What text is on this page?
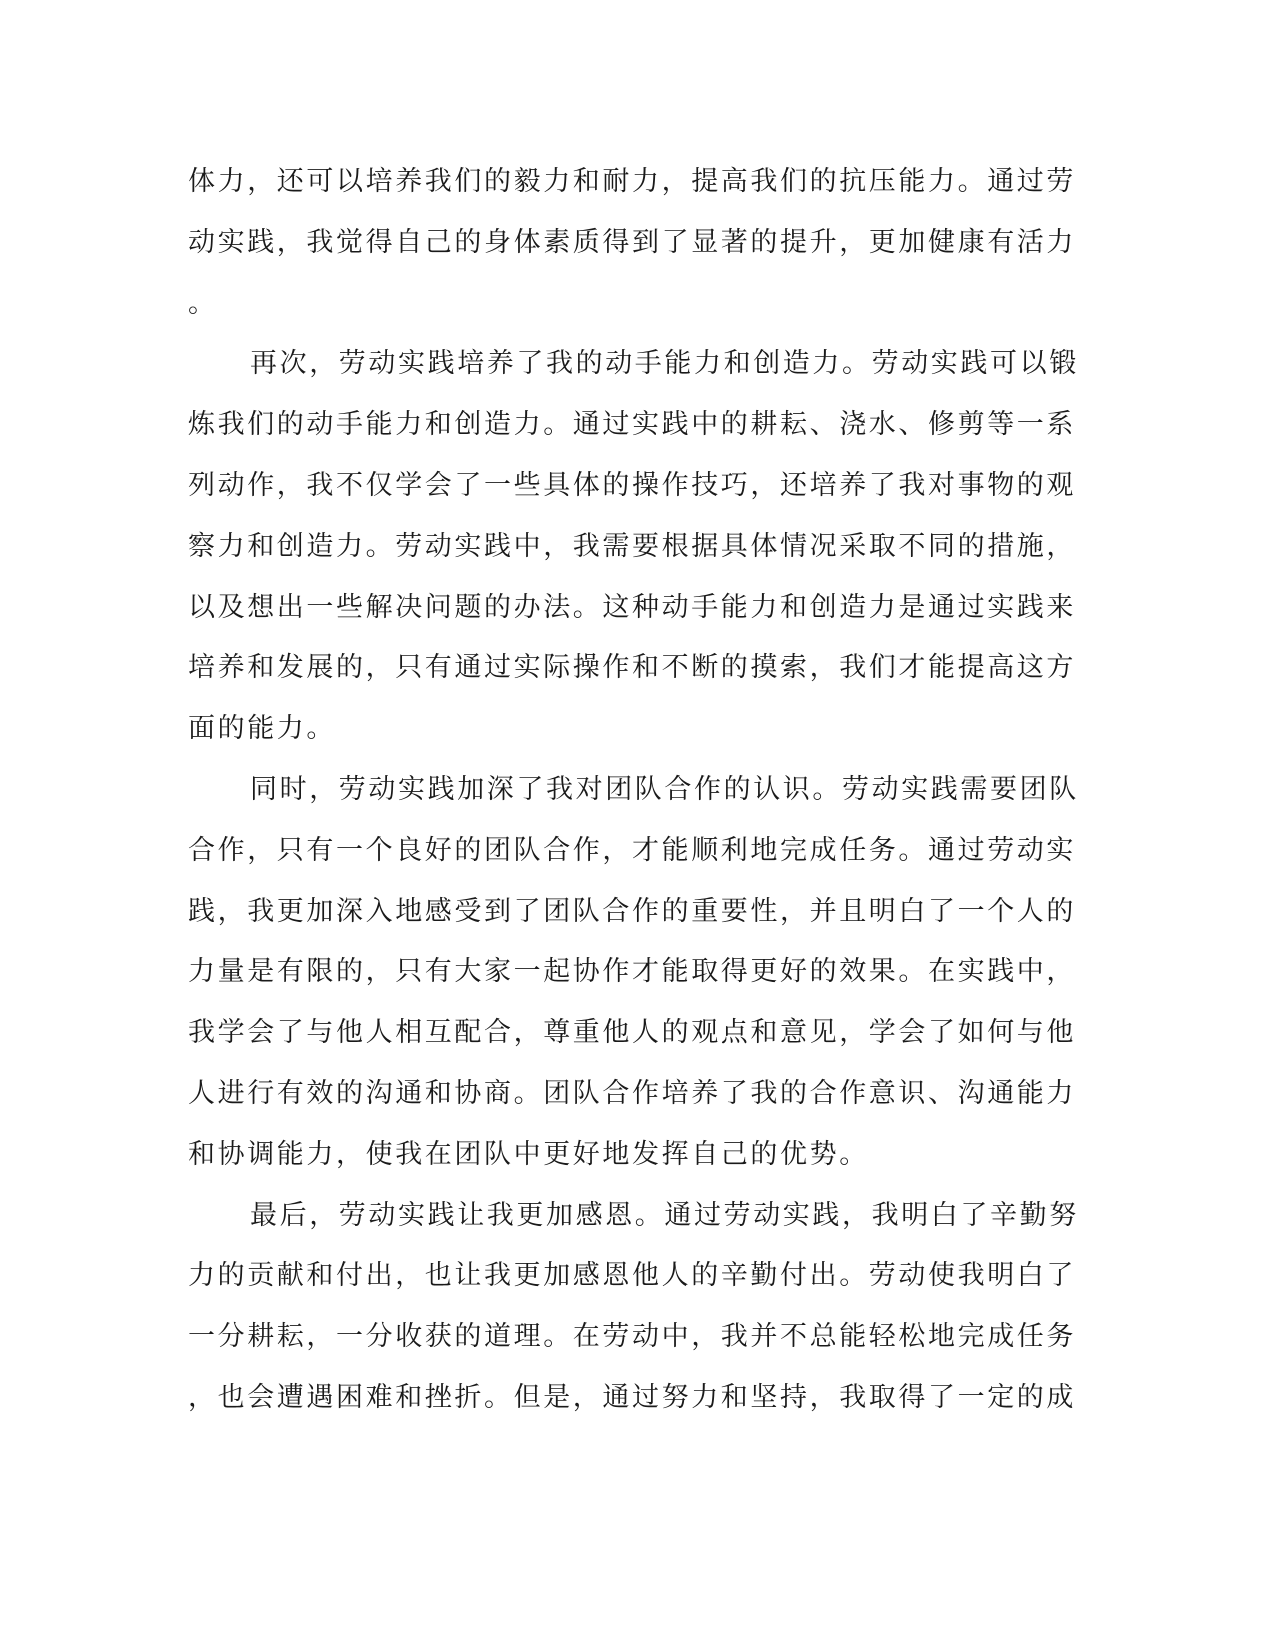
体力，还可以培养我们的毅力和耐力，提高我们的抗压能力。通过劳
动实践，我觉得自己的身体素质得到了显著的提升，更加健康有活力
。
再次，劳动实践培养了我的动手能力和创造力。劳动实践可以锻
炼我们的动手能力和创造力。通过实践中的耕耘、浇水、修剪等一系
列动作，我不仅学会了一些具体的操作技巧，还培养了我对事物的观
察力和创造力。劳动实践中，我需要根据具体情况采取不同的措施，
以及想出一些解决问题的办法。这种动手能力和创造力是通过实践来
培养和发展的，只有通过实际操作和不断的摸索，我们才能提高这方
面的能力。
同时，劳动实践加深了我对团队合作的认识。劳动实践需要团队
合作，只有一个良好的团队合作，才能顺利地完成任务。通过劳动实
践，我更加深入地感受到了团队合作的重要性，并且明白了一个人的
力量是有限的，只有大家一起协作才能取得更好的效果。在实践中，
我学会了与他人相互配合，尊重他人的观点和意见，学会了如何与他
人进行有效的沟通和协商。团队合作培养了我的合作意识、沟通能力
和协调能力，使我在团队中更好地发挥自己的优势。
最后，劳动实践让我更加感恩。通过劳动实践，我明白了辛勤努
力的贡献和付出，也让我更加感恩他人的辛勤付出。劳动使我明白了
一分耕耘，一分收获的道理。在劳动中，我并不总能轻松地完成任务
，也会遭遇困难和挫折。但是，通过努力和坚持，我取得了一定的成
